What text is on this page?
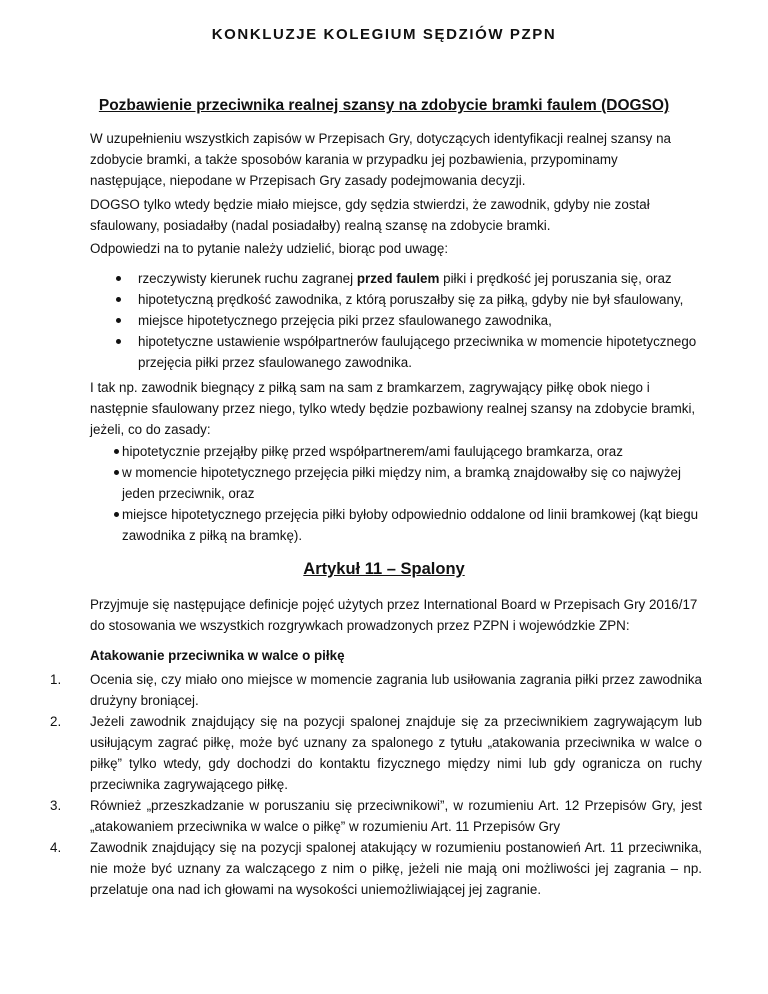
KONKLUZJE KOLEGIUM SĘDZIÓW PZPN
Pozbawienie przeciwnika realnej szansy na zdobycie bramki faulem (DOGSO)

W uzupełnieniu wszystkich zapisów w Przepisach Gry, dotyczących identyfikacji realnej szansy na zdobycie bramki, a także sposobów karania w przypadku jej pozbawienia, przypominamy następujące, niepodane w Przepisach Gry zasady podejmowania decyzji.

DOGSO tylko wtedy będzie miało miejsce, gdy sędzia stwierdzi, że zawodnik, gdyby nie został sfaulowany, posiadałby (nadal posiadałby) realną szansę na zdobycie bramki.

Odpowiedzi na to pytanie należy udzielić, biorąc pod uwagę:

rzeczywisty kierunek ruchu zagranej przed faulem piłki i prędkość jej poruszania się, oraz
hipotetyczną prędkość zawodnika, z którą poruszałby się za piłką, gdyby nie był sfaulowany,
miejsce hipotetycznego przejęcia piki przez sfaulowanego zawodnika,
hipotetyczne ustawienie współpartnerów faulującego przeciwnika w momencie hipotetycznego przejęcia piłki przez sfaulowanego zawodnika.

I tak np. zawodnik biegnący z piłką sam na sam z bramkarzem, zagrywający piłkę obok niego i następnie sfaulowany przez niego, tylko wtedy będzie pozbawiony realnej szansy na zdobycie bramki, jeżeli, co do zasady:

hipotetycznie przejąłby piłkę przed współpartnerem/ami faulującego bramkarza, oraz
w momencie hipotetycznego przejęcia piłki między nim, a bramką znajdowałby się co najwyżej jeden przeciwnik, oraz
miejsce hipotetycznego przejęcia piłki byłoby odpowiednio oddalone od linii bramkowej (kąt biegu zawodnika z piłką na bramkę).
Artykuł 11 – Spalony

Przyjmuje się następujące definicje pojęć użytych przez International Board w Przepisach Gry 2016/17 do stosowania we wszystkich rozgrywkach prowadzonych przez PZPN i wojewódzkie ZPN:

Atakowanie przeciwnika w walce o piłkę
1. Ocenia się, czy miało ono miejsce w momencie zagrania lub usiłowania zagrania piłki przez zawodnika drużyny broniącej.
2. Jeżeli zawodnik znajdujący się na pozycji spalonej znajduje się za przeciwnikiem zagrywającym lub usiłującym zagrać piłkę, może być uznany za spalonego z tytułu „atakowania przeciwnika w walce o piłkę” tylko wtedy, gdy dochodzi do kontaktu fizycznego między nimi lub gdy ogranicza on ruchy przeciwnika zagrywającego piłkę.
3. Również „przeszkadzanie w poruszaniu się przeciwnikowi”, w rozumieniu Art. 12 Przepisów Gry, jest „atakowaniem przeciwnika w walce o piłkę” w rozumieniu Art. 11 Przepisów Gry
4. Zawodnik znajdujący się na pozycji spalonej atakujący w rozumieniu postanowień Art. 11 przeciwnika, nie może być uznany za walczącego z nim o piłkę, jeżeli nie mają oni możliwości jej zagrania – np. przelatuje ona nad ich głowami na wysokości uniemożliwiającej jej zagranie.
